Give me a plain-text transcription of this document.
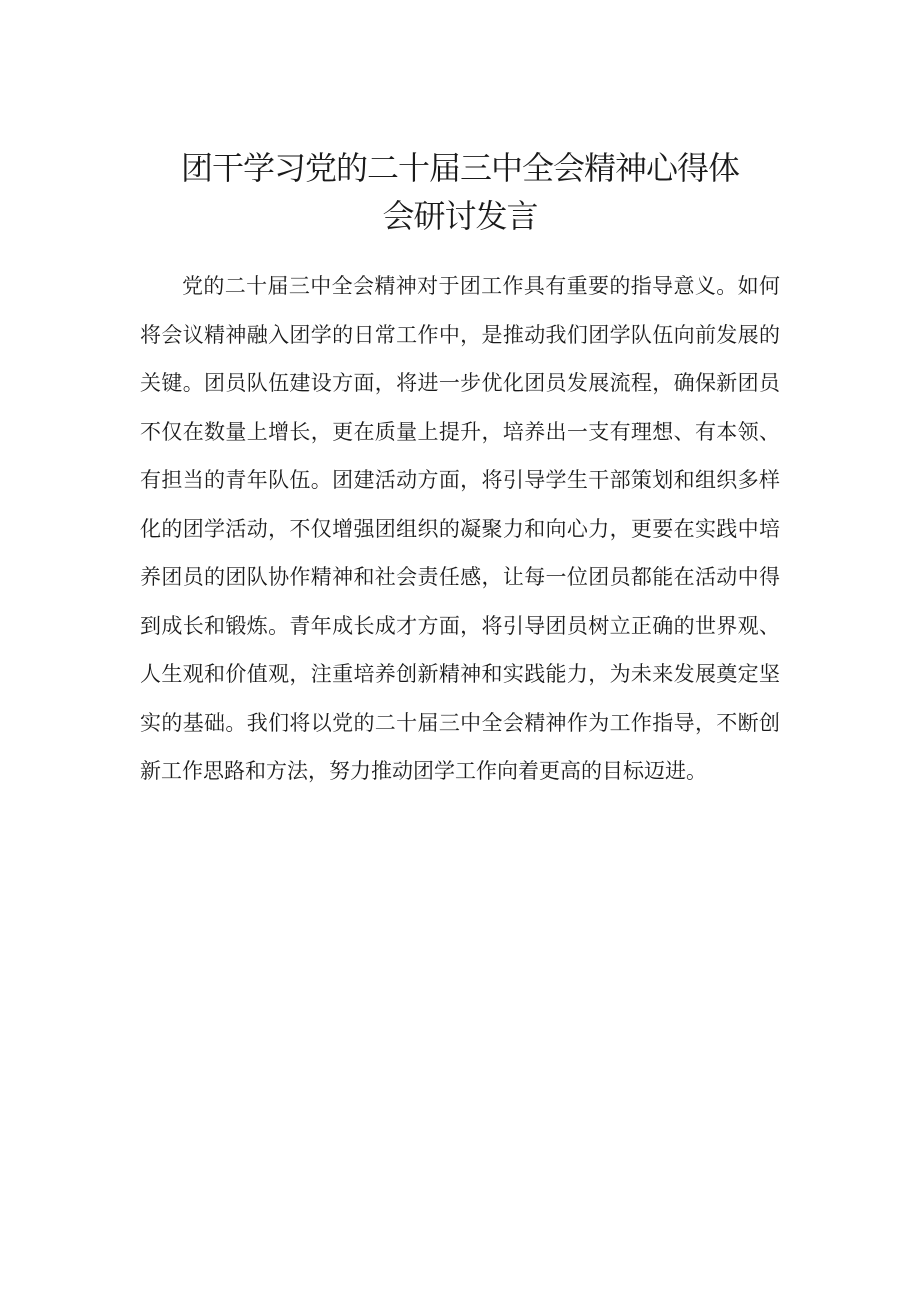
团干学习党的二十届三中全会精神心得体
会研讨发言

党的二十届三中全会精神对于团工作具有重要的指导意义。如何将会议精神融入团学的日常工作中，是推动我们团学队伍向前发展的关键。团员队伍建设方面，将进一步优化团员发展流程，确保新团员不仅在数量上增长，更在质量上提升，培养出一支有理想、有本领、有担当的青年队伍。团建活动方面，将引导学生干部策划和组织多样化的团学活动，不仅增强团组织的凝聚力和向心力，更要在实践中培养团员的团队协作精神和社会责任感，让每一位团员都能在活动中得到成长和锻炼。青年成长成才方面，将引导团员树立正确的世界观、人生观和价值观，注重培养创新精神和实践能力，为未来发展奠定坚实的基础。我们将以党的二十届三中全会精神作为工作指导，不断创新工作思路和方法，努力推动团学工作向着更高的目标迈进。
